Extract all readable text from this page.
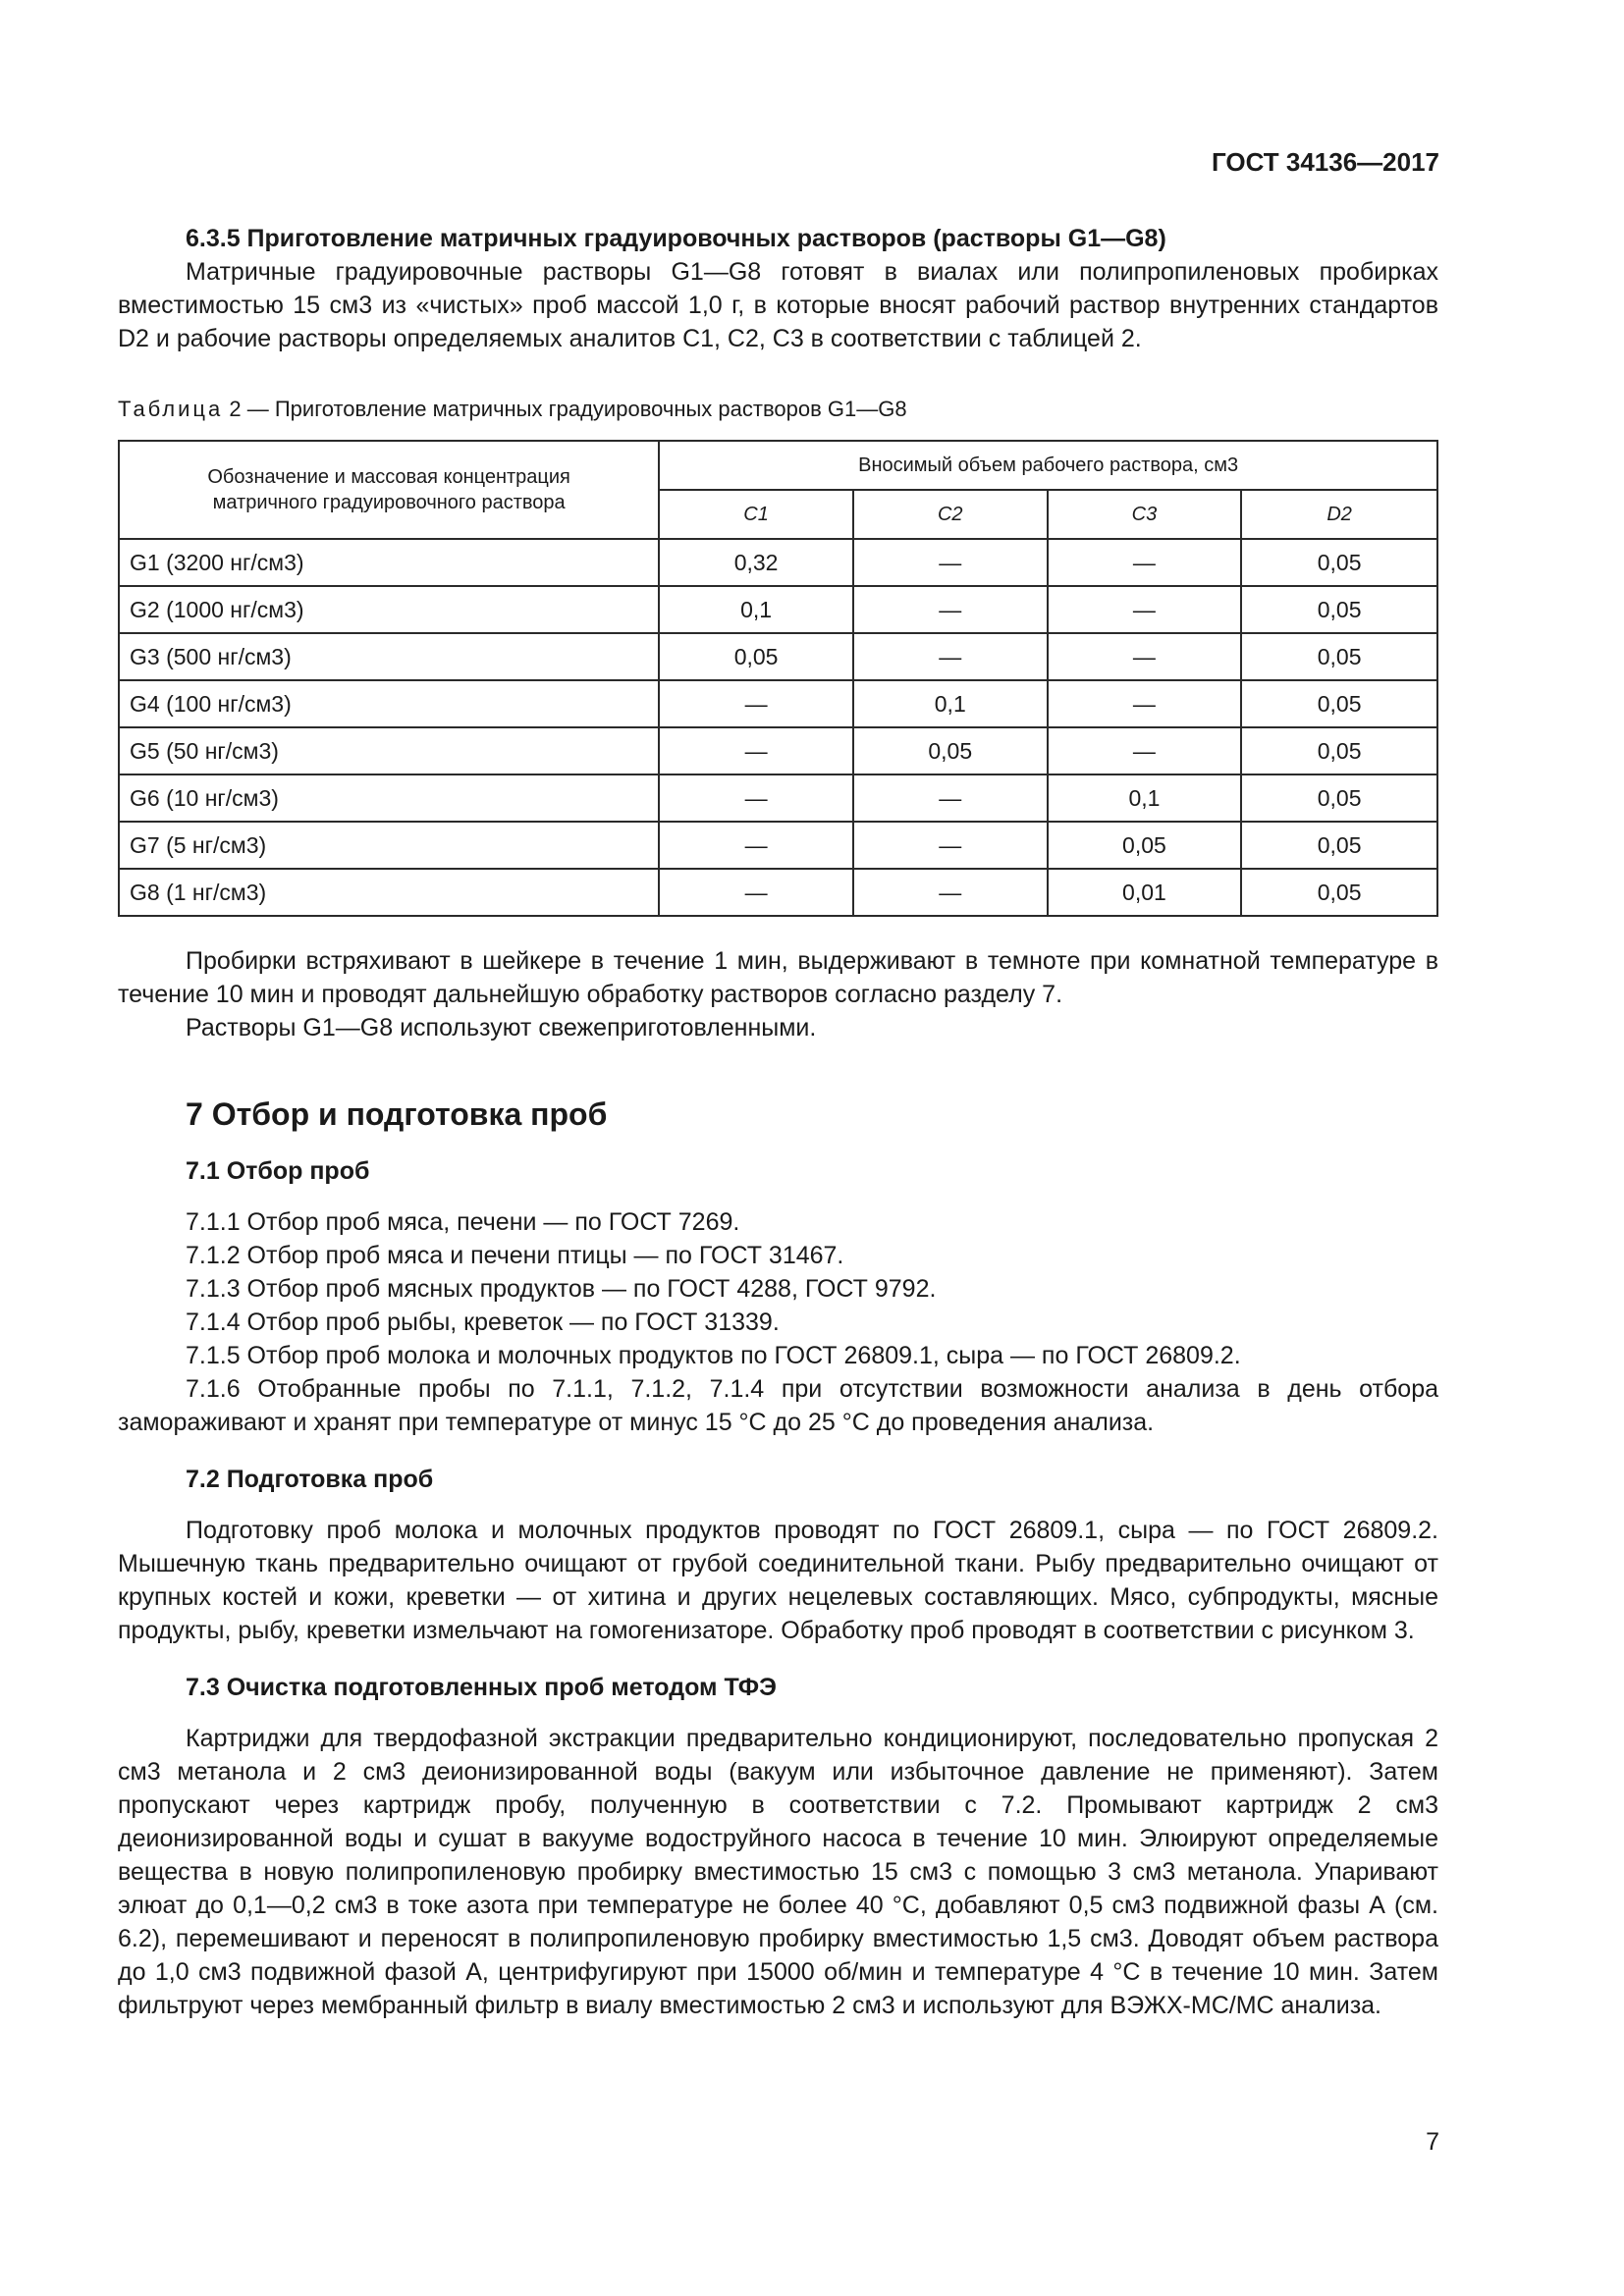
ГОСТ 34136—2017

6.3.5 Приготовление матричных градуировочных растворов (растворы G1—G8)

Матричные градуировочные растворы G1—G8 готовят в виалах или полипропиленовых пробирках вместимостью 15 см3 из «чистых» проб массой 1,0 г, в которые вносят рабочий раствор внутренних стандартов D2 и рабочие растворы определяемых аналитов C1, C2, C3 в соответствии с таблицей 2.

Таблица 2 — Приготовление матричных градуировочных растворов G1—G8

Обозначение и массовая концентрация матричного градуировочного раствора	Вносимый объем рабочего раствора, см3			
	C1	C2	C3	D2
G1 (3200 нг/см3)	0,32	—	—	0,05
G2 (1000 нг/см3)	0,1	—	—	0,05
G3 (500 нг/см3)	0,05	—	—	0,05
G4 (100 нг/см3)	—	0,1	—	0,05
G5 (50 нг/см3)	—	0,05	—	0,05
G6 (10 нг/см3)	—	—	0,1	0,05
G7 (5 нг/см3)	—	—	0,05	0,05
G8 (1 нг/см3)	—	—	0,01	0,05

Пробирки встряхивают в шейкере в течение 1 мин, выдерживают в темноте при комнатной температуре в течение 10 мин и проводят дальнейшую обработку растворов согласно разделу 7.

Растворы G1—G8 используют свежеприготовленными.

7 Отбор и подготовка проб

7.1 Отбор проб

7.1.1 Отбор проб мяса, печени — по ГОСТ 7269.

7.1.2 Отбор проб мяса и печени птицы — по ГОСТ 31467.

7.1.3 Отбор проб мясных продуктов — по ГОСТ 4288, ГОСТ 9792.

7.1.4 Отбор проб рыбы, креветок — по ГОСТ 31339.

7.1.5 Отбор проб молока и молочных продуктов по ГОСТ 26809.1, сыра — по ГОСТ 26809.2.

7.1.6 Отобранные пробы по 7.1.1, 7.1.2, 7.1.4 при отсутствии возможности анализа в день отбора замораживают и хранят при температуре от минус 15 °С до 25 °С до проведения анализа.

7.2 Подготовка проб

Подготовку проб молока и молочных продуктов проводят по ГОСТ 26809.1, сыра — по ГОСТ 26809.2. Мышечную ткань предварительно очищают от грубой соединительной ткани. Рыбу предварительно очищают от крупных костей и кожи, креветки — от хитина и других нецелевых составляющих. Мясо, субпродукты, мясные продукты, рыбу, креветки измельчают на гомогенизаторе. Обработку проб проводят в соответствии с рисунком 3.

7.3 Очистка подготовленных проб методом ТФЭ

Картриджи для твердофазной экстракции предварительно кондиционируют, последовательно пропуская 2 см3 метанола и 2 см3 деионизированной воды (вакуум или избыточное давление не применяют). Затем пропускают через картридж пробу, полученную в соответствии с 7.2. Промывают картридж 2 см3 деионизированной воды и сушат в вакууме водоструйного насоса в течение 10 мин. Элюируют определяемые вещества в новую полипропиленовую пробирку вместимостью 15 см3 с помощью 3 см3 метанола. Упаривают элюат до 0,1—0,2 см3 в токе азота при температуре не более 40 °С, добавляют 0,5 см3 подвижной фазы А (см. 6.2), перемешивают и переносят в полипропиленовую пробирку вместимостью 1,5 см3. Доводят объем раствора до 1,0 см3 подвижной фазой А, центрифугируют при 15000 об/мин и температуре 4 °С в течение 10 мин. Затем фильтруют через мембранный фильтр в виалу вместимостью 2 см3 и используют для ВЭЖХ-МС/МС анализа.

7
